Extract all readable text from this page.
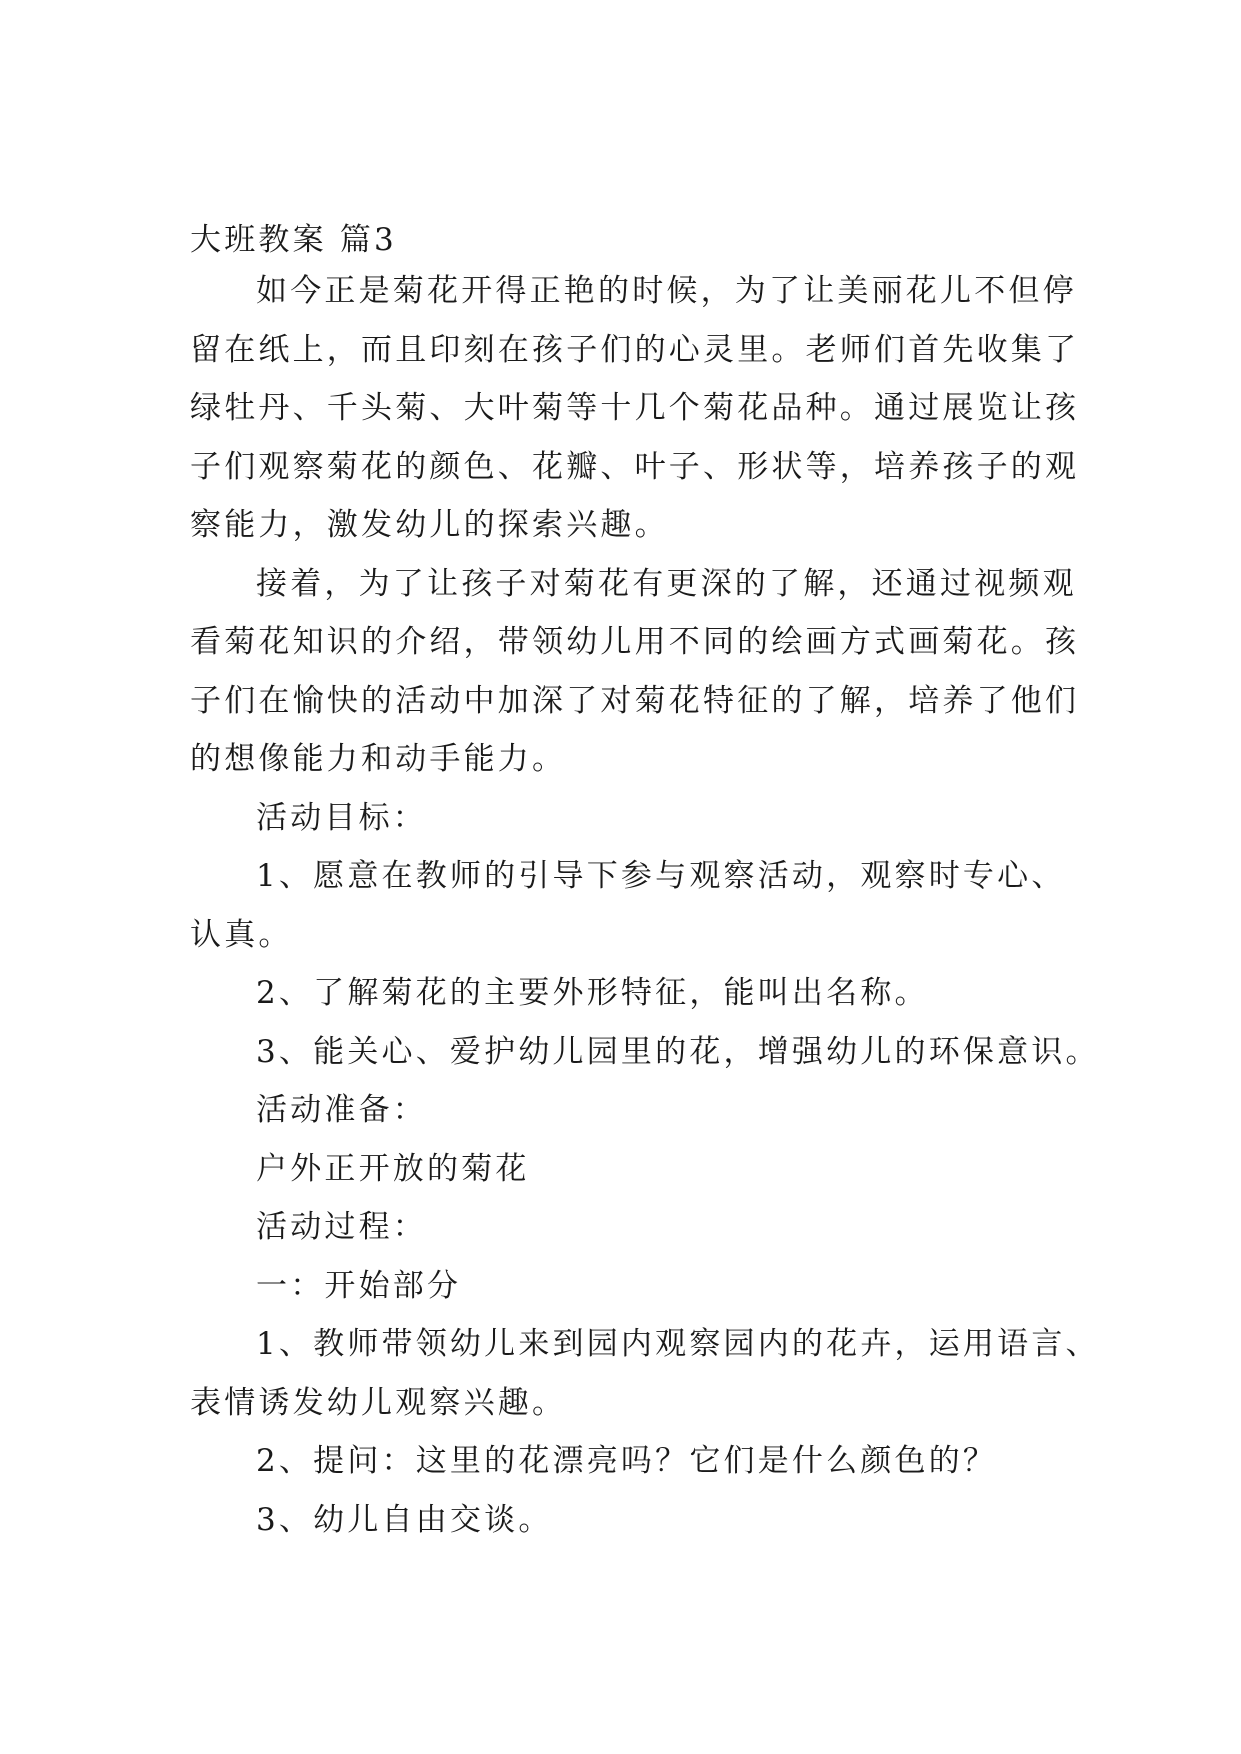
大班教案 篇3
如今正是菊花开得正艳的时候，为了让美丽花儿不但停
留在纸上，而且印刻在孩子们的心灵里。老师们首先收集了
绿牡丹、千头菊、大叶菊等十几个菊花品种。通过展览让孩
子们观察菊花的颜色、花瓣、叶子、形状等，培养孩子的观
察能力，激发幼儿的探索兴趣。
接着，为了让孩子对菊花有更深的了解，还通过视频观
看菊花知识的介绍，带领幼儿用不同的绘画方式画菊花。孩
子们在愉快的活动中加深了对菊花特征的了解，培养了他们
的想像能力和动手能力。
活动目标：
1、愿意在教师的引导下参与观察活动，观察时专心、
认真。
2、了解菊花的主要外形特征，能叫出名称。
3、能关心、爱护幼儿园里的花，增强幼儿的环保意识。
活动准备：
户外正开放的菊花
活动过程：
一：开始部分
1、教师带领幼儿来到园内观察园内的花卉，运用语言、
表情诱发幼儿观察兴趣。
2、提问：这里的花漂亮吗？它们是什么颜色的？
3、幼儿自由交谈。
